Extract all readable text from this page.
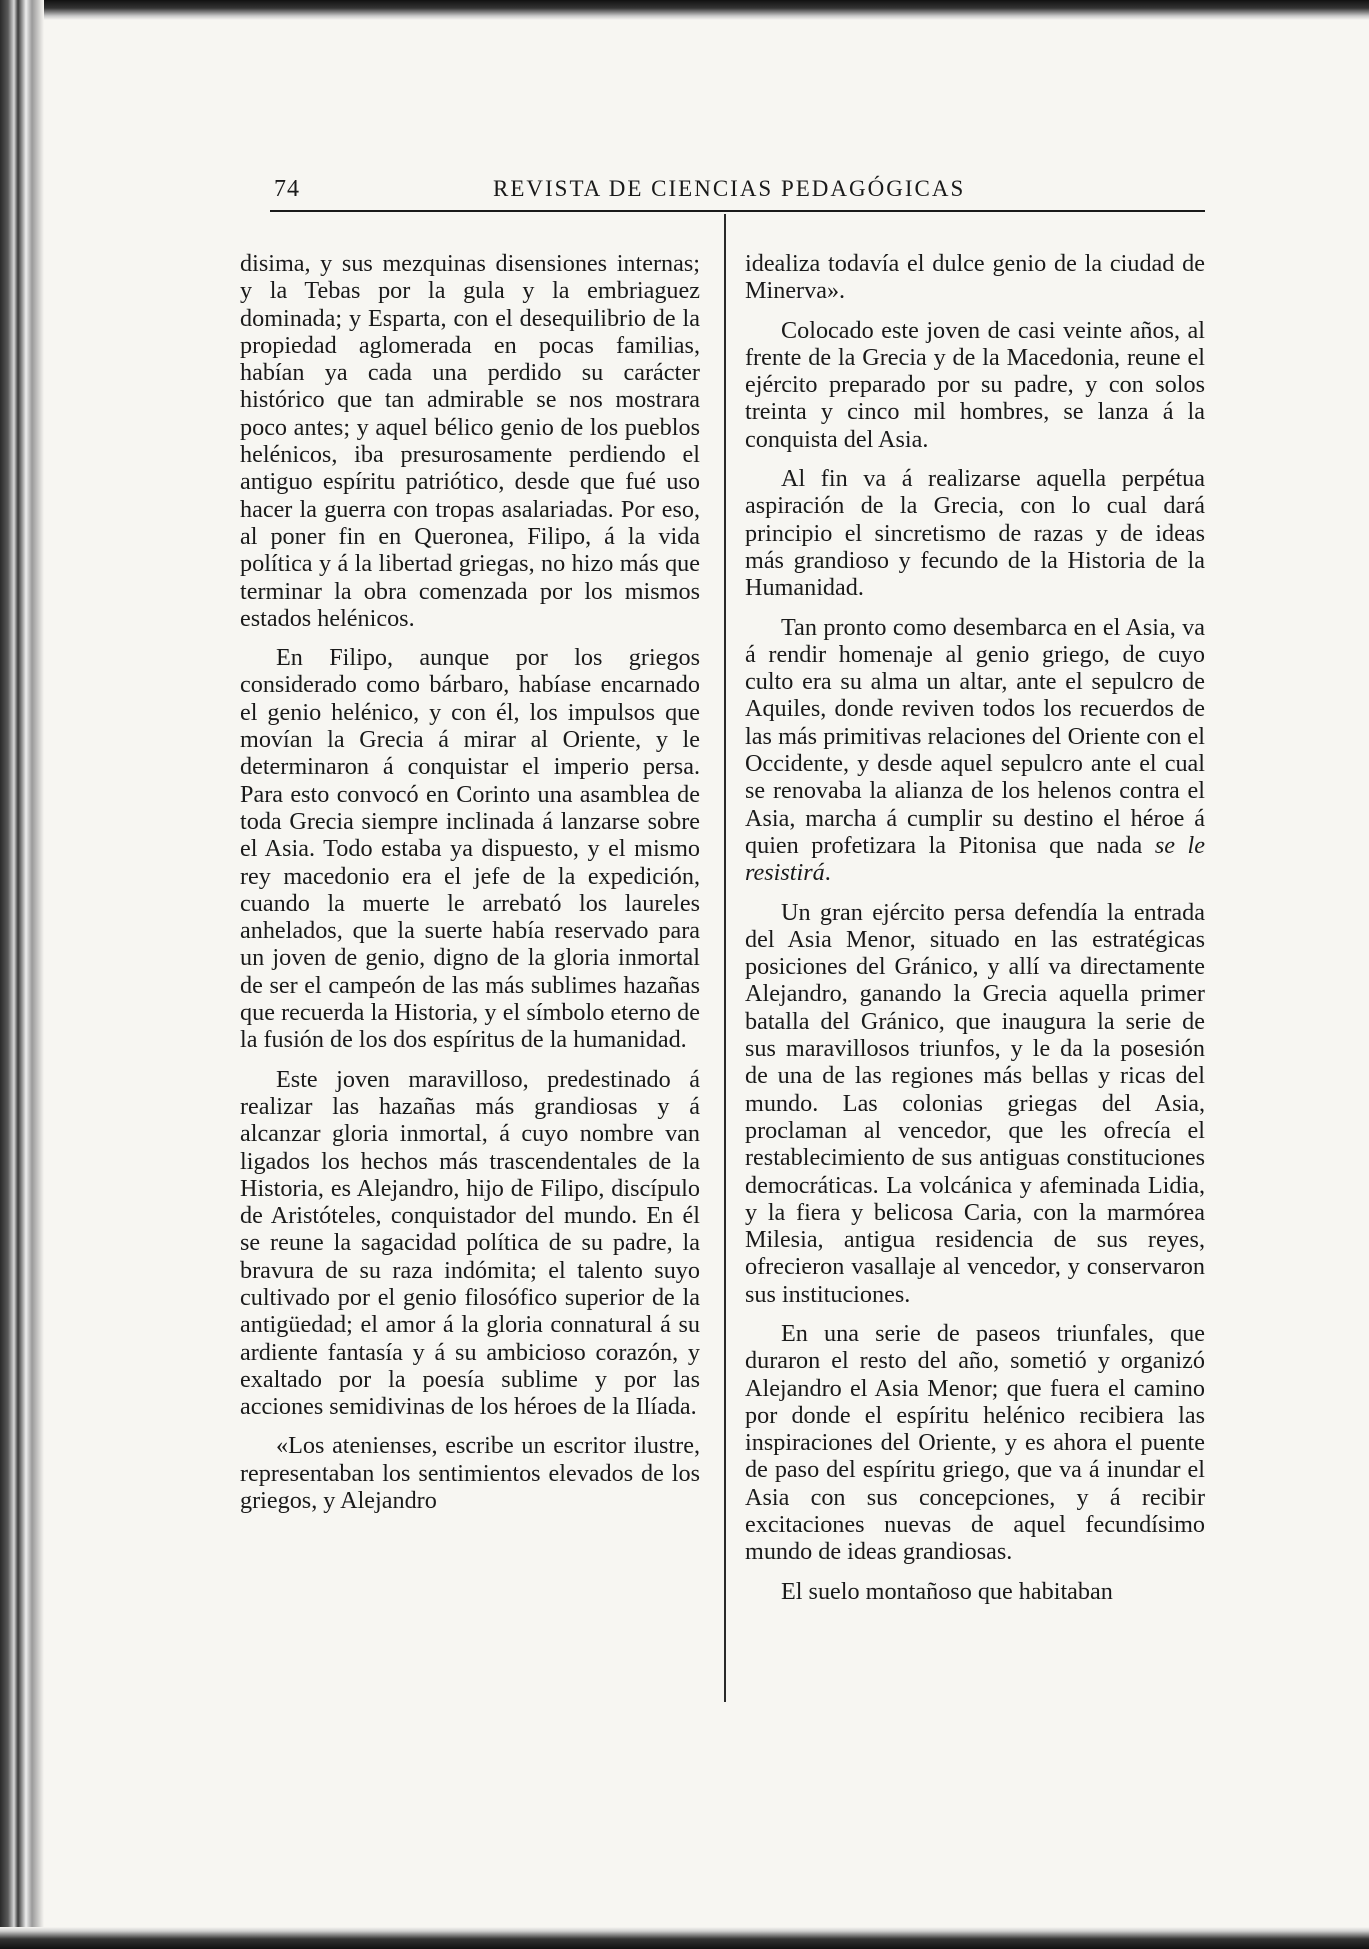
74	REVISTA DE CIENCIAS PEDAGÓGICAS

disima, y sus mezquinas disensiones internas; y la Tebas por la gula y la embriaguez dominada; y Esparta, con el desequilibrio de la propiedad aglomerada en pocas familias, habían ya cada una perdido su carácter histórico que tan admirable se nos mostrara poco antes; y aquel bélico genio de los pueblos helénicos, iba presurosamente perdiendo el antiguo espíritu patriótico, desde que fué uso hacer la guerra con tropas asalariadas. Por eso, al poner fin en Queronea, Filipo, á la vida política y á la libertad griegas, no hizo más que terminar la obra comenzada por los mismos estados helénicos.

En Filipo, aunque por los griegos considerado como bárbaro, habíase encarnado el genio helénico, y con él, los impulsos que movían la Grecia á mirar al Oriente, y le determinaron á conquistar el imperio persa. Para esto convocó en Corinto una asamblea de toda Grecia siempre inclinada á lanzarse sobre el Asia. Todo estaba ya dispuesto, y el mismo rey macedonio era el jefe de la expedición, cuando la muerte le arrebató los laureles anhelados, que la suerte había reservado para un joven de genio, digno de la gloria inmortal de ser el campeón de las más sublimes hazañas que recuerda la Historia, y el símbolo eterno de la fusión de los dos espíritus de la humanidad.

Este joven maravilloso, predestinado á realizar las hazañas más grandiosas y á alcanzar gloria inmortal, á cuyo nombre van ligados los hechos más trascendentales de la Historia, es Alejandro, hijo de Filipo, discípulo de Aristóteles, conquistador del mundo. En él se reune la sagacidad política de su padre, la bravura de su raza indómita; el talento suyo cultivado por el genio filosófico superior de la antigüedad; el amor á la gloria connatural á su ardiente fantasía y á su ambicioso corazón, y exaltado por la poesía sublime y por las acciones semidivinas de los héroes de la Ilíada.

«Los atenienses, escribe un escritor ilustre, representaban los sentimientos elevados de los griegos, y Alejandro

idealiza todavía el dulce genio de la ciudad de Minerva».

Colocado este joven de casi veinte años, al frente de la Grecia y de la Macedonia, reune el ejército preparado por su padre, y con solos treinta y cinco mil hombres, se lanza á la conquista del Asia.

Al fin va á realizarse aquella perpétua aspiración de la Grecia, con lo cual dará principio el sincretismo de razas y de ideas más grandioso y fecundo de la Historia de la Humanidad.

Tan pronto como desembarca en el Asia, va á rendir homenaje al genio griego, de cuyo culto era su alma un altar, ante el sepulcro de Aquiles, donde reviven todos los recuerdos de las más primitivas relaciones del Oriente con el Occidente, y desde aquel sepulcro ante el cual se renovaba la alianza de los helenos contra el Asia, marcha á cumplir su destino el héroe á quien profetizara la Pitonisa que nada se le resistirá.

Un gran ejército persa defendía la entrada del Asia Menor, situado en las estratégicas posiciones del Gránico, y allí va directamente Alejandro, ganando la Grecia aquella primer batalla del Gránico, que inaugura la serie de sus maravillosos triunfos, y le da la posesión de una de las regiones más bellas y ricas del mundo. Las colonias griegas del Asia, proclaman al vencedor, que les ofrecía el restablecimiento de sus antiguas constituciones democráticas. La volcánica y afeminada Lidia, y la fiera y belicosa Caria, con la marmórea Milesia, antigua residencia de sus reyes, ofrecieron vasallaje al vencedor, y conservaron sus instituciones.

En una serie de paseos triunfales, que duraron el resto del año, sometió y organizó Alejandro el Asia Menor; que fuera el camino por donde el espíritu helénico recibiera las inspiraciones del Oriente, y es ahora el puente de paso del espíritu griego, que va á inundar el Asia con sus concepciones, y á recibir excitaciones nuevas de aquel fecundísimo mundo de ideas grandiosas.

El suelo montañoso que habitaban
